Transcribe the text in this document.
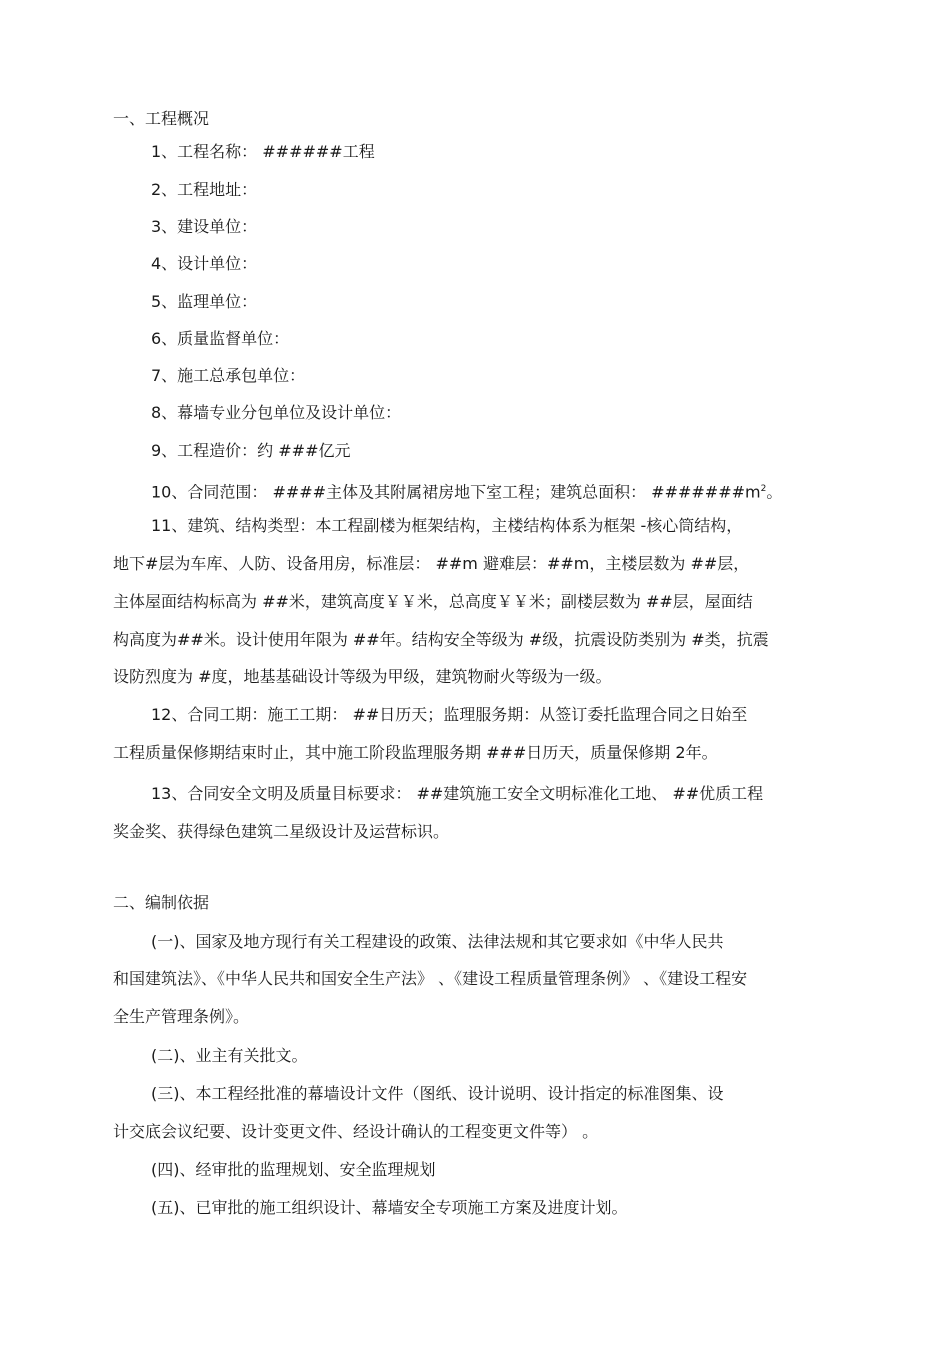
一、工程概况
1、工程名称： ######工程
2、工程地址：
3、建设单位：
4、设计单位：
5、监理单位：
6、质量监督单位：
7、施工总承包单位：
8、幕墙专业分包单位及设计单位：
9、工程造价：约 ###亿元
10、合同范围： ####主体及其附属裙房地下室工程；建筑总面积： $\#\#\#\#\#\#\#m^2$。
11、建筑、结构类型：本工程副楼为框架结构，主楼结构体系为框架 -核心筒结构，
地下#层为车库、人防、设备用房，标准层： ##m 避难层：##m，主楼层数为 ##层，
主体屋面结构标高为 ##米，建筑高度￥￥米，总高度￥￥米；副楼层数为 ##层，屋面结
构高度为##米。设计使用年限为 ##年。结构安全等级为 #级，抗震设防类别为 #类，抗震
设防烈度为 #度，地基基础设计等级为甲级，建筑物耐火等级为一级。
12、合同工期：施工工期： ##日历天；监理服务期：从签订委托监理合同之日始至
工程质量保修期结束时止，其中施工阶段监理服务期 ###日历天，质量保修期 2年。
13、合同安全文明及质量目标要求： ##建筑施工安全文明标准化工地、 ##优质工程
奖金奖、获得绿色建筑二星级设计及运营标识。
二、编制依据
(一)、国家及地方现行有关工程建设的政策、法律法规和其它要求如《中华人民共
和国建筑法》、《中华人民共和国安全生产法》 、《建设工程质量管理条例》 、《建设工程安
全生产管理条例》。
(二)、业主有关批文。
(三)、本工程经批准的幕墙设计文件（图纸、设计说明、设计指定的标准图集、设
计交底会议纪要、设计变更文件、经设计确认的工程变更文件等） 。
(四)、经审批的监理规划、安全监理规划
(五)、已审批的施工组织设计、幕墙安全专项施工方案及进度计划。
